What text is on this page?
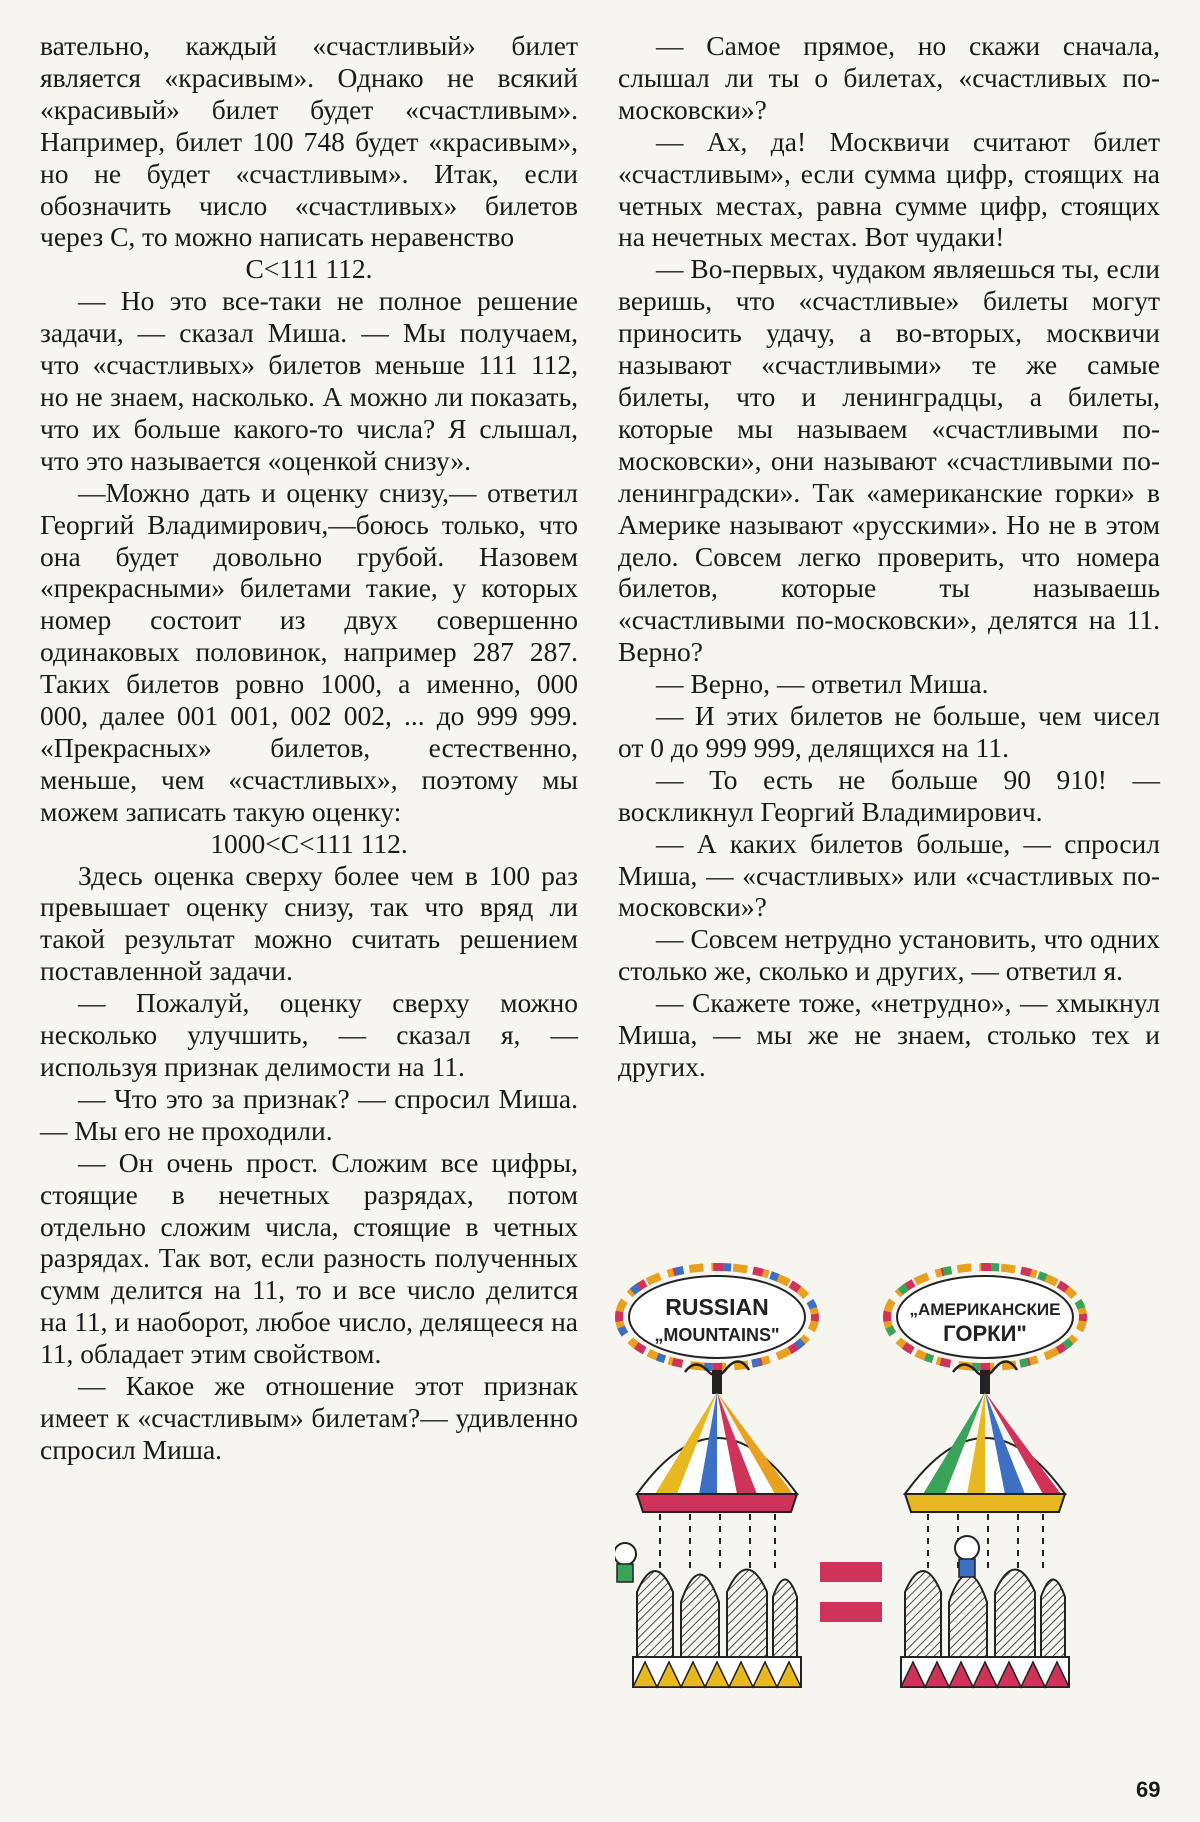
вательно, каждый «счастливый» билет является «красивым». Однако не всякий «красивый» билет будет «счастливым». Например, билет 100 748 будет «красивым», но не будет «счастливым». Итак, если обозначить число «счастливых» билетов через C, то можно написать неравенство

C<111 112.

— Но это все-таки не полное решение задачи, — сказал Миша. — Мы получаем, что «счастливых» билетов меньше 111 112, но не знаем, насколько. А можно ли показать, что их больше какого-то числа? Я слышал, что это называется «оценкой снизу».

—Можно дать и оценку снизу,— ответил Георгий Владимирович,—боюсь только, что она будет довольно грубой. Назовем «прекрасными» билетами такие, у которых номер состоит из двух совершенно одинаковых половинок, например 287 287. Таких билетов ровно 1000, а именно, 000 000, далее 001 001, 002 002, ... до 999 999. «Прекрасных» билетов, естественно, меньше, чем «счастливых», поэтому мы можем записать такую оценку:

1000<C<111 112.

Здесь оценка сверху более чем в 100 раз превышает оценку снизу, так что вряд ли такой результат можно считать решением поставленной задачи.

— Пожалуй, оценку сверху можно несколько улучшить, — сказал я, — используя признак делимости на 11.

— Что это за признак? — спросил Миша. — Мы его не проходили.

— Он очень прост. Сложим все цифры, стоящие в нечетных разрядах, потом отдельно сложим числа, стоящие в четных разрядах. Так вот, если разность полученных сумм делится на 11, то и все число делится на 11, и наоборот, любое число, делящееся на 11, обладает этим свойством.

— Какое же отношение этот признак имеет к «счастливым» билетам?— удивленно спросил Миша.

— Самое прямое, но скажи сначала, слышал ли ты о билетах, «счастливых по-московски»?

— Ах, да! Москвичи считают билет «счастливым», если сумма цифр, стоящих на четных местах, равна сумме цифр, стоящих на нечетных местах. Вот чудаки!

— Во-первых, чудаком являешься ты, если веришь, что «счастливые» билеты могут приносить удачу, а во-вторых, москвичи называют «счастливыми» те же самые билеты, что и ленинградцы, а билеты, которые мы называем «счастливыми по-московски», они называют «счастливыми по-ленинградски». Так «американские горки» в Америке называют «русскими». Но не в этом дело. Совсем легко проверить, что номера билетов, которые ты называешь «счастливыми по-московски», делятся на 11. Верно?

— Верно, — ответил Миша.

— И этих билетов не больше, чем чисел от 0 до 999 999, делящихся на 11.

— То есть не больше 90 910! — воскликнул Георгий Владимирович.

— А каких билетов больше, — спросил Миша, — «счастливых» или «счастливых по-московски»?

— Совсем нетрудно установить, что одних столько же, сколько и других, — ответил я.

— Скажете тоже, «нетрудно», — хмыкнул Миша, — мы же не знаем, столько тех и других.

RUSSIAN
„MOUNTAINS"
„АМЕРИКАНСКИЕ
ГОРКИ"
69
